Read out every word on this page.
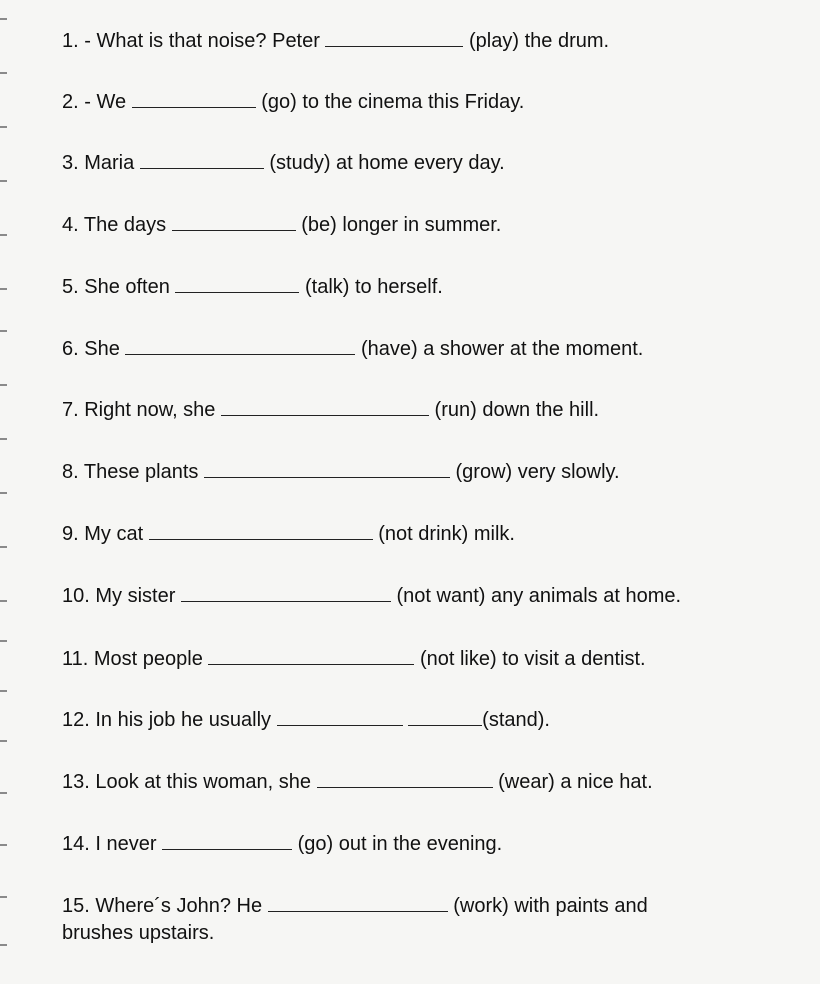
1. - What is that noise? Peter	(play) the drum.
2. - We	(go) to the cinema this Friday.
3. Maria	(study) at home every day.
4. The days	(be) longer in summer.
5. She often	(talk) to herself.
6. She	(have) a shower at the moment.
7. Right now, she	(run) down the hill.
8. These plants	(grow) very slowly.
9. My cat	(not drink) milk.
10. My sister	(not want) any animals at home.
11. Most people	(not like) to visit a dentist.
12. In his job he usually	(stand).
13. Look at this woman, she	(wear) a nice hat.
14. I never	(go) out in the evening.
15. Where´s John? He	(work) with paints and
brushes upstairs.
